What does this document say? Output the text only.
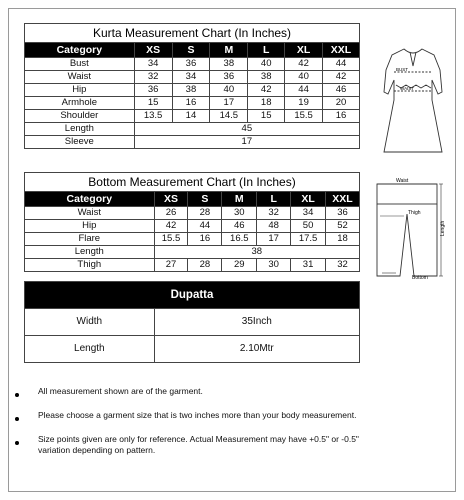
Kurta Measurement Chart (In Inches)						
Category	XS	S	M	L	XL	XXL
Bust	34	36	38	40	42	44
Waist	32	34	36	38	40	42
Hip	36	38	40	42	44	46
Armhole	15	16	17	18	19	20
Shoulder	13.5	14	14.5	15	15.5	16
Length	45					
Sleeve	17					
BUST
WAIST
Bottom Measurement Chart (In Inches)						
Category	XS	S	M	L	XL	XXL
Waist	26	28	30	32	34	36
Hip	42	44	46	48	50	52
Flare	15.5	16	16.5	17	17.5	18
Length	38					
Thigh	27	28	29	30	31	32
Waist
Thigh
Length
Bottom
Dupatta	
Width	35Inch
Length	2.10Mtr
All measurement shown are of the garment.
Please choose a garment size that is two inches more than your body measurement.
Size points given are only for reference. Actual Measurement may have +0.5" or -0.5" variation depending on pattern.
